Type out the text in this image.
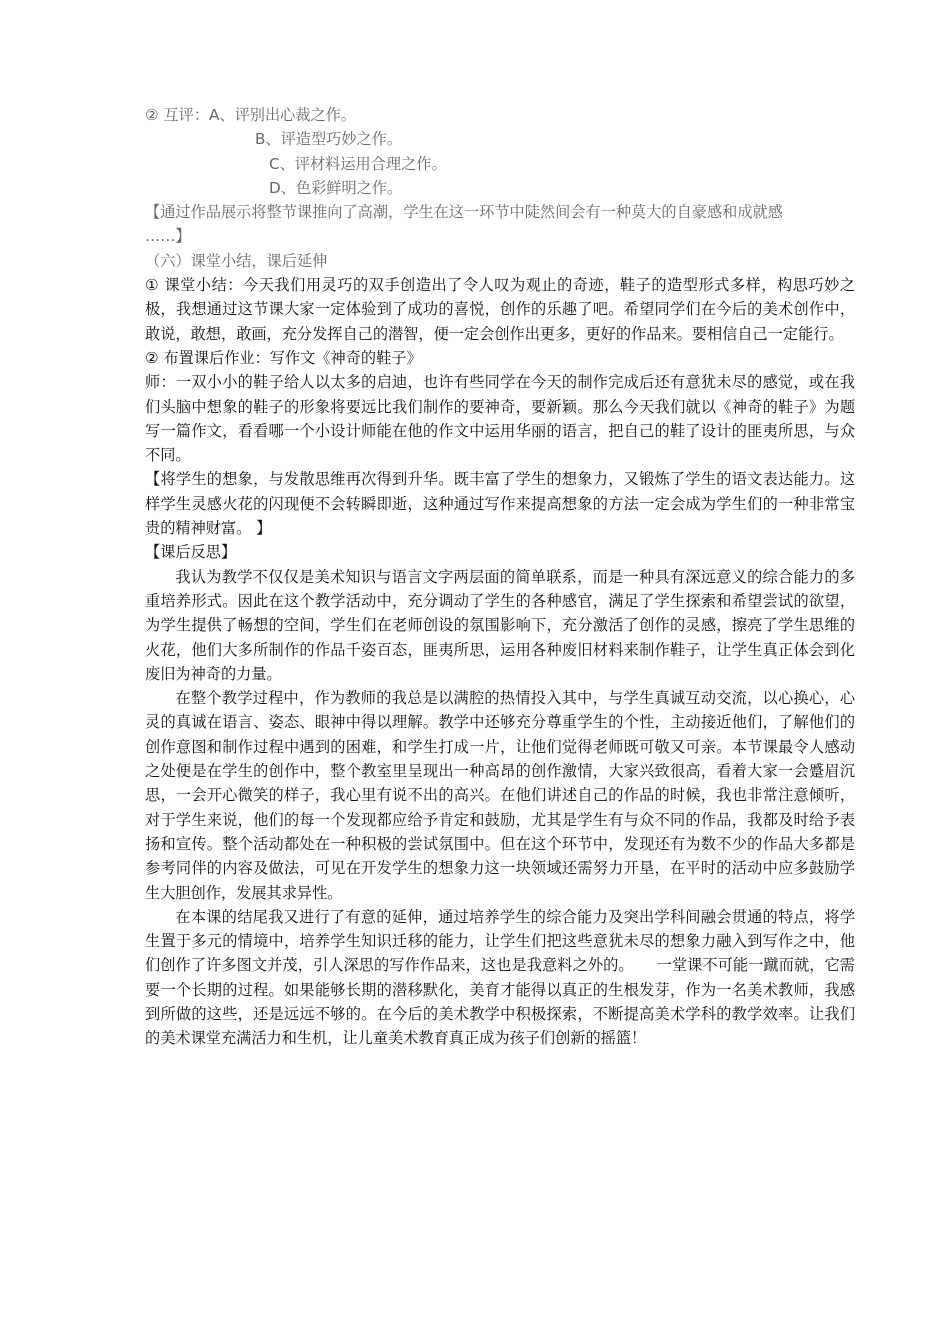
② 互评：A、评别出心裁之作。
B、评造型巧妙之作。
C、评材料运用合理之作。
D、色彩鲜明之作。
【通过作品展示将整节课推向了高潮，学生在这一环节中陡然间会有一种莫大的自豪感和成就感
……】
（六）课堂小结，课后延伸

① 课堂小结：今天我们用灵巧的双手创造出了令人叹为观止的奇迹，鞋子的造型形式多样，构思巧妙之极，我想通过这节课大家一定体验到了成功的喜悦，创作的乐趣了吧。希望同学们在今后的美术创作中，敢说，敢想，敢画，充分发挥自己的潜智，便一定会创作出更多，更好的作品来。要相信自己一定能行。

② 布置课后作业：写作文《神奇的鞋子》

师：一双小小的鞋子给人以太多的启迪，也许有些同学在今天的制作完成后还有意犹未尽的感觉，或在我们头脑中想象的鞋子的形象将要远比我们制作的要神奇，要新颖。那么今天我们就以《神奇的鞋子》为题写一篇作文，看看哪一个小设计师能在他的作文中运用华丽的语言，把自己的鞋了设计的匪夷所思，与众不同。

【将学生的想象，与发散思维再次得到升华。既丰富了学生的想象力，又锻炼了学生的语文表达能力。这样学生灵感火花的闪现便不会转瞬即逝，这种通过写作来提高想象的方法一定会成为学生们的一种非常宝贵的精神财富。 】

【课后反思】

我认为教学不仅仅是美术知识与语言文字两层面的简单联系，而是一种具有深远意义的综合能力的多重培养形式。因此在这个教学活动中，充分调动了学生的各种感官，满足了学生探索和希望尝试的欲望，为学生提供了畅想的空间，学生们在老师创设的氛围影响下，充分激活了创作的灵感，擦亮了学生思维的火花，他们大多所制作的作品千姿百态，匪夷所思，运用各种废旧材料来制作鞋子，让学生真正体会到化废旧为神奇的力量。

在整个教学过程中，作为教师的我总是以满腔的热情投入其中，与学生真诚互动交流，以心换心，心灵的真诚在语言、姿态、眼神中得以理解。教学中还够充分尊重学生的个性，主动接近他们，了解他们的创作意图和制作过程中遇到的困难，和学生打成一片，让他们觉得老师既可敬又可亲。本节课最令人感动之处便是在学生的创作中，整个教室里呈现出一种高昂的创作激情，大家兴致很高，看着大家一会蹙眉沉思，一会开心微笑的样子，我心里有说不出的高兴。在他们讲述自己的作品的时候，我也非常注意倾听，对于学生来说，他们的每一个发现都应给予肯定和鼓励，尤其是学生有与众不同的作品，我都及时给予表扬和宣传。整个活动都处在一种积极的尝试氛围中。但在这个环节中，发现还有为数不少的作品大多都是参考同伴的内容及做法，可见在开发学生的想象力这一块领域还需努力开垦，在平时的活动中应多鼓励学生大胆创作，发展其求异性。

在本课的结尾我又进行了有意的延伸，通过培养学生的综合能力及突出学科间融会贯通的特点，将学生置于多元的情境中，培养学生知识迁移的能力，让学生们把这些意犹未尽的想象力融入到写作之中，他们创作了许多图文并茂，引人深思的写作作品来，这也是我意料之外的。　　一堂课不可能一蹴而就，它需要一个长期的过程。如果能够长期的潜移默化，美育才能得以真正的生根发芽，作为一名美术教师，我感到所做的这些，还是远远不够的。在今后的美术教学中积极探索，不断提高美术学科的教学效率。让我们的美术课堂充满活力和生机，让儿童美术教育真正成为孩子们创新的摇篮！
